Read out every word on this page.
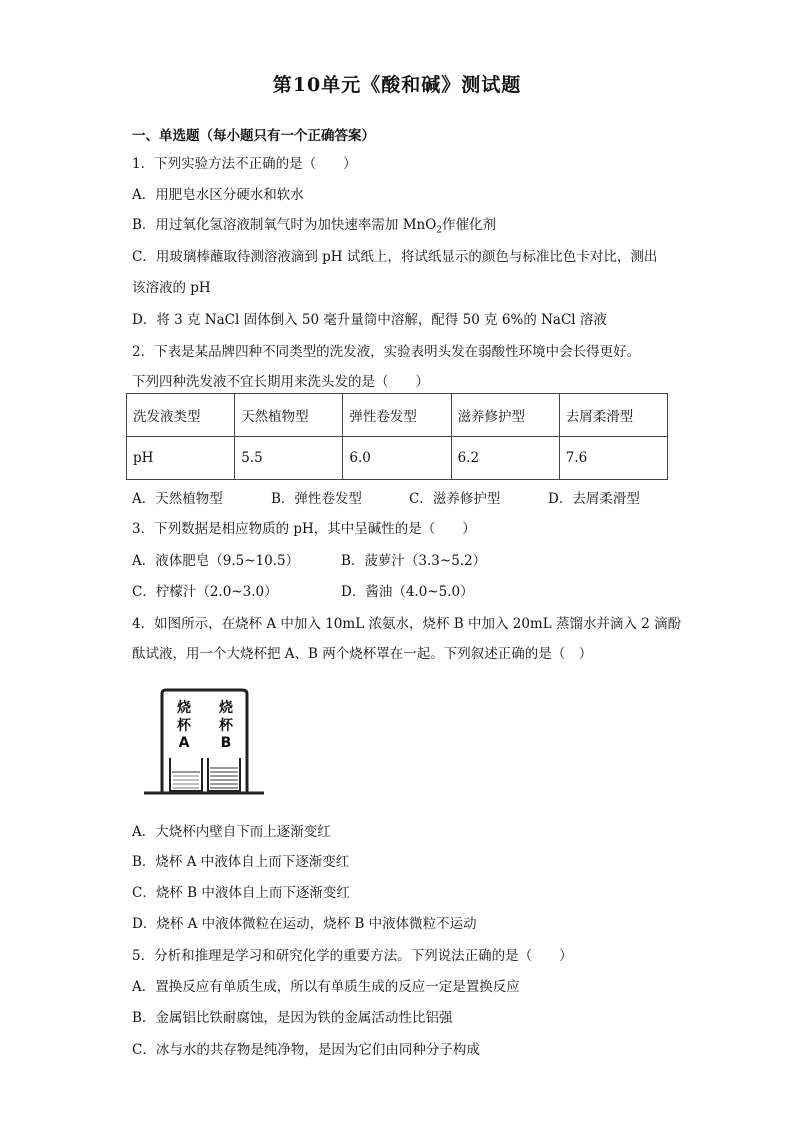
第10单元《酸和碱》测试题
一、单选题（每小题只有一个正确答案）
1．下列实验方法不正确的是（　　）
A．用肥皂水区分硬水和软水
B．用过氧化氢溶液制氧气时为加快速率需加 MnO$_2$作催化剂
C．用玻璃棒蘸取待测溶液滴到 pH 试纸上，将试纸显示的颜色与标准比色卡对比，测出
该溶液的 pH
D．将 3 克 NaCl 固体倒入 50 毫升量筒中溶解，配得 50 克 6%的 NaCl 溶液
2．下表是某品牌四种不同类型的洗发液，实验表明头发在弱酸性环境中会长得更好。
下列四种洗发液不宜长期用来洗头发的是（　　）
洗发液类型	天然植物型	弹性卷发型	滋养修护型	去屑柔滑型
pH	5.5	6.0	6.2	7.6
A．天然植物型	B．弹性卷发型	C．滋养修护型	D．去屑柔滑型
3．下列数据是相应物质的 pH，其中呈碱性的是（　　）
A．液体肥皂（9.5~10.5）	B．菠萝汁（3.3~5.2）
C．柠檬汁（2.0~3.0）	D．酱油（4.0~5.0）
4．如图所示，在烧杯 A 中加入 10mL 浓氨水，烧杯 B 中加入 20mL 蒸馏水并滴入 2 滴酚
酞试液，用一个大烧杯把 A、B 两个烧杯罩在一起。下列叙述正确的是（　）
烧
杯
A
烧
杯
B
A．大烧杯内壁自下而上逐渐变红
B．烧杯 A 中液体自上而下逐渐变红
C．烧杯 B 中液体自上而下逐渐变红
D．烧杯 A 中液体微粒在运动，烧杯 B 中液体微粒不运动
5．分析和推理是学习和研究化学的重要方法。下列说法正确的是（　　）
A．置换反应有单质生成，所以有单质生成的反应一定是置换反应
B．金属铝比铁耐腐蚀，是因为铁的金属活动性比铝强
C．冰与水的共存物是纯净物，是因为它们由同种分子构成
